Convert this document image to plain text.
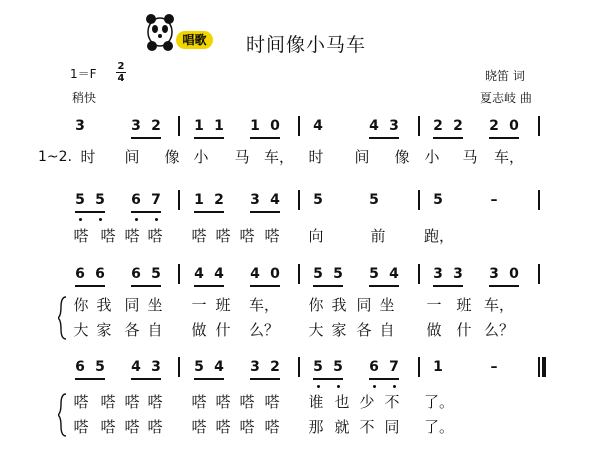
唱歌	时间像小马车
1＝F
2
4
稍快
晓笛 词
夏志岐 曲
3	3 2 1 1 1 0 4	4 3 2 2 2 0
时 间 像 小 马 车， 时 间 像 小 马 车，
5 5 6 7 1 2 3 4 5	5	5	–
嗒 嗒 嗒 嗒 嗒 嗒 嗒 嗒 向	前	跑，
6 6 6 5 4 4 4 0 5 5 5 4 3 3 3 0
你 我 同 坐 一 班 车， 你 我 同 坐 一 班 车，
大 家 各 自 做 什 么？ 大 家 各 自 做 什 么？
6 5 4 3 5 4 3 2 5 5 6 7 1	–
嗒 嗒 嗒 嗒 嗒 嗒 嗒 嗒 谁 也 少 不 了。
嗒 嗒 嗒 嗒 嗒 嗒 嗒 嗒 那 就 不 同 了。
1~2.
